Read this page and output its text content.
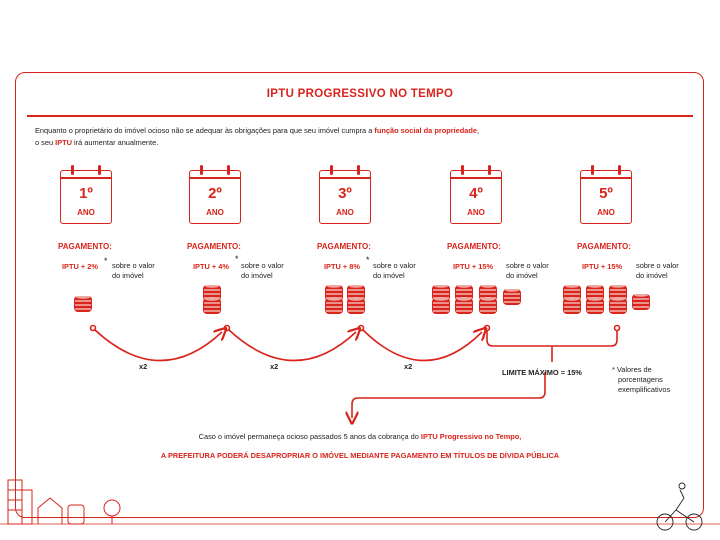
IPTU PROGRESSIVO NO TEMPO
Enquanto o proprietário do imóvel ocioso não se adequar às obrigações para que seu imóvel cumpra a função social da propriedade,
o seu IPTU irá aumentar anualmente.
1º
ANO
PAGAMENTO:
IPTU + 2%
* sobre o valor
do imóvel
2º
ANO
PAGAMENTO:
IPTU + 4%
*
sobre o valor
do imóvel
3º
ANO
PAGAMENTO:
IPTU + 8%
*
sobre o valor
do imóvel
4º
ANO
PAGAMENTO:
IPTU + 15% sobre o valor
do imóvel
5º
ANO
PAGAMENTO:
IPTU + 15% sobre o valor
do imóvel
x2	x2	x2
LIMITE MÁXIMO = 15%	* Valores de
porcentagens
exemplificativos
Caso o imóvel permaneça ocioso passados 5 anos da cobrança do IPTU Progressivo no Tempo,
A PREFEITURA PODERÁ DESAPROPRIAR O IMÓVEL MEDIANTE PAGAMENTO EM TÍTULOS DE DÍVIDA PÚBLICA
